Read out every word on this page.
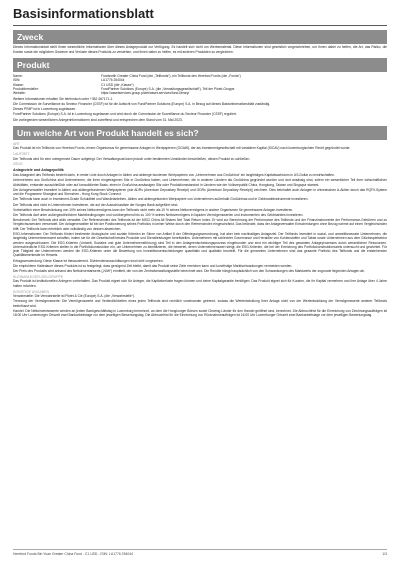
Basisinformationsblatt
Zweck

Dieses Informationsblatt stellt Ihnen wesentliche Informationen über dieses Anlageprodukt zur Verfügung. Es handelt sich nicht um Werbematerial. Diese Informationen sind gesetzlich vorgeschrieben, um Ihnen dabei zu helfen, die Art, das Risiko, die Kosten sowie die möglichen Gewinne und Verluste dieses Produkts zu verstehen, und Ihnen dabei zu helfen, es mit anderen Produkten zu vergleichen.

Produkt
Name:	Fundsmith Greater China Fund (der „Teilfonds“), ein Teilfonds des Hereford Funds (der „Fonds“)
ISIN:	LU1776 254044
Klasse:	C1 USD (die „Klasse“)
Produkthersteller:	FundPartner Solutions (Europe) S.A. (die „Verwaltungsgesellschaft“), Teil der Pictet-Gruppe.
Website:	https://assetservices.group.pictet/asset-services/fund-library/

Weitere Informationen erhalten Sie telefonisch unter +352 467171-1.

Die Commission de Surveillance du Secteur Financier (CSSF) ist für die Aufsicht von FundPartner Solutions (Europe) S.A. in Bezug auf dieses Basisinformationsblatt zuständig.

Dieses PRIIP ist in Luxemburg zugelassen.

FundPartner Solutions (Europe) S.A. ist in Luxemburg zugelassen und wird durch die Commission de Surveillance du Secteur Financier (CSSF) reguliert.

Die vorliegenden wesentlichen Anlegerinformationen sind zutreffend und entsprechen dem Stand vom 31. Mai 2023.

Um welche Art von Produkt handelt es sich?
ART

Das Produkt ist ein Teilfonds von Hereford Funds, einem Organismus für gemeinsame Anlagen in Wertpapieren (OGAW), der als Investmentgesellschaft mit variablem Kapital (SICAV) nach luxemburgischem Recht gegründet wurde.

LAUFZEIT

Der Teilfonds wird für eine unbegrenzte Dauer aufgelegt. Der Verwaltungsrat kann jedoch unter bestimmten Umständen beschließen, diesen Produkt zu schließen.

ZIELE
Anlageziele und Anlagepolitik

Das Anlageziel des Teilfonds besteht darin, in erster Linie durch Anlagen in Aktien und aktienge bundenen Wertpapieren von „Unternehmen aus Großchina“ ein langfristiges Kapitalwachstum in US-Dollar zu erwirtschaften.

Unternehmen aus Großchina sind Unternehmen, die ihren eingetragenen Sitz in Großchina haben, und Unternehmen, die in anderen Ländern als Großchina gegründet wurden und dort ansässig sind, sofern ein wesentlicher Teil ihrer wirtschaftlichen Aktivitäten, entweder ausschließlich oder auf konsolidierter Basis, einen in Großchina ansässigen Sitz oder Produktionsstandort in Ländern wie der Volksrepublik China, Hongkong, Taiwan und Singapur stammt.

Der Anlageverwalter investiert in Aktien und aktiengebundenen Wertpapieren (wie ADRs (American Depositary Receipt) und GDRs (American Depositary Receipt)) zeichnen. Dies beinhaltet auch Anlagen in chinesischen A-Aktien durch das RQFII-System und die Programme Shanghai und Shenzhen - Hong Kong Stock Connect.

Der Teilfonds kann auch in Investment-Grade Schuldtitel und Wandelanleihen, Aktien und aktiengebunden Wertpapiere von Unternehmen außerhalb Großchinas und in Geldmarktinstrumente investieren.

Der Teilfonds wird nicht in Unternehmen investieren, die auf der Ausschlussliste der Norges Bank aufgeführt sind.

Vorbehaltlich einer Beschränkung von 10% seines Nettovermögens kann der Teilfonds nicht mehr als 10 % seines Nettovermögens in andere Organismen für gemeinsame Anlagen investieren.

Der Teilfonds darf unter außergewöhnlichen Marktbedingungen und vorübergehend bis zu 100 % seines Nettovermögens in liquiden Vermögenswerten und Instrumenten des Geldmarktes investieren.

Benchmark: Der Teilfonds wird aktiv verwaltet. Der Referenzindex des Teilfonds ist der MSCI China All Shares Net Total Return Index. Er wird zur Berechnung der Performance des Teilfonds und der Finanzinstrumente der Performance-Gebühren und zu Vergleichszwecken verwendet. Der Anlageverwalter ist bei der Positionierung seines Portfolios in keiner Weise durch den Referenzindex eingeschränkt. Das bedeutet, dass der Anlageverwalter Entscheidungen ohne Bezug nahme auf einen Vergleichsindex trifft. Der Teilfonds kann erheblich oder vollständig von dessen abweichen.

ESG-Informationen: Der Teilfonds fördert bestimmte ökologische und soziale Kriterien im Sinne von Artikel 8 der Offenlegungsverordnung, hat aber kein nachhaltiges Anlageziel. Der Teilfonds investiert in sozial- und umweltbewusste Unternehmen, die langfristig Unternehmenswert schaffen, indem sie für die Gesellschaft bestes Produkte und Dienstleistungen bereitstellen. Unternehmen mit schlechter Governance und Heraldler von Kohlenstoffen und Tabak sowie Unternehmen aus dem Glücksspielsektor werden ausgeschlossen. Die ESG-Kriterien (Umwelt, Soziales und gute Unternehmensführung) sind Teil in den Anlageentscheidungsprozess eingebunden und sind ein wichtiger Teil des gesamten Anlageprozesses durch wesentlichen Ressourcen. Unterschiedliche ESG-Kriterien stellen in die Portfoliokonstruktion ein, um Unternehmen zu identifizieren, die bewertet, deren Unternehmenswert steigt, die ESG-Kriterien, die bei der Erreichung des Portfoliokonstruktionsziels untersucht und gewichtet. Für jede Tätigkeit der Unternehmen werden die ESG-Kriterien unter die Bewertung von Investitionsentscheidungen quantitativ und qualitativ beurteilt. Für die genannten Unternehmen sind das gesamte Portfolio des Teilfonds und die entstehenden Qualitätsmerkmale im Hinweis.

Ertragsverwendung: Diese Klasse ist thesaurierend. Dividendenausschüttungen sind nicht vorgesehen.

Die empfohlene Haltedauer dieses Produkts ist so festgelegt, dass genügend Zeit bleibt, damit das Produkt seine Ziele erreichen kann und kurzfristige Marktschwankungen vermeiden werden.

Der Preis des Produkts wird anhand des Nettoinventarwerts („NIW“) ermittelt, der von der Zentralverwaltungsstelle berechnet wird. Die Rendite hängt hauptsächlich von den Schwankungen des Marktwerts der zugrunde liegenden Anlagen ab.

KLEINANLEGER-ZIELGRUPPE

Das Produkt ist institutionellen Anlegern vorbehalten. Das Produkt eignet sich für Anleger, die Kapitalverluste tragen können und keine Kapitalgarantie benötigen. Das Produkt eignet sich für Kunden, die ihr Kapital vermehren und ihre Anlage über 4 Jahre halten möchten.

SONSTIGE ANGABEN

Verwahrstelle: Die Verwahrstelle ist Pictet & Cie (Europe) S.A. (die „Verwahrstelle“).

Trennung der Vermögenswerte: Die Vermögenswerte und Verbindlichkeiten eines jeden Teilfonds sind rechtlich voneinander getrennt, sodass die Wertentwicklung Ihrer Anlage nicht von der Wertentwicklung der Vermögenswerte anderer Teilfonds beeinflusst wird.

Handel: Die Nettoinventarwerte werden an jedem Bankgeschäftstag in Luxemburg berechnet, an dem die Hongkonger Börsen sowie Clearing Länder für den Handel geöffnet sind, berechnet. Die Abbruchfrist für die Einreichung von Zeichnungsaufträgen ist 18:00 Uhr Luxemburger Ortszeit zwei Bankarbeitstage vor dem jeweiligen Bewertungstag. Die Abbruchfrist für die Einreichung von Rücknahmeaufträgen ist 16:00 Uhr Luxemburger Ortszeit zwei Bankarbeitstage vor dem jeweiligen Bewertungstag.

Hereford Funds Bin Yuan Greater China Fund - C1 USD - ISIN: LU1776 254044	1/3
